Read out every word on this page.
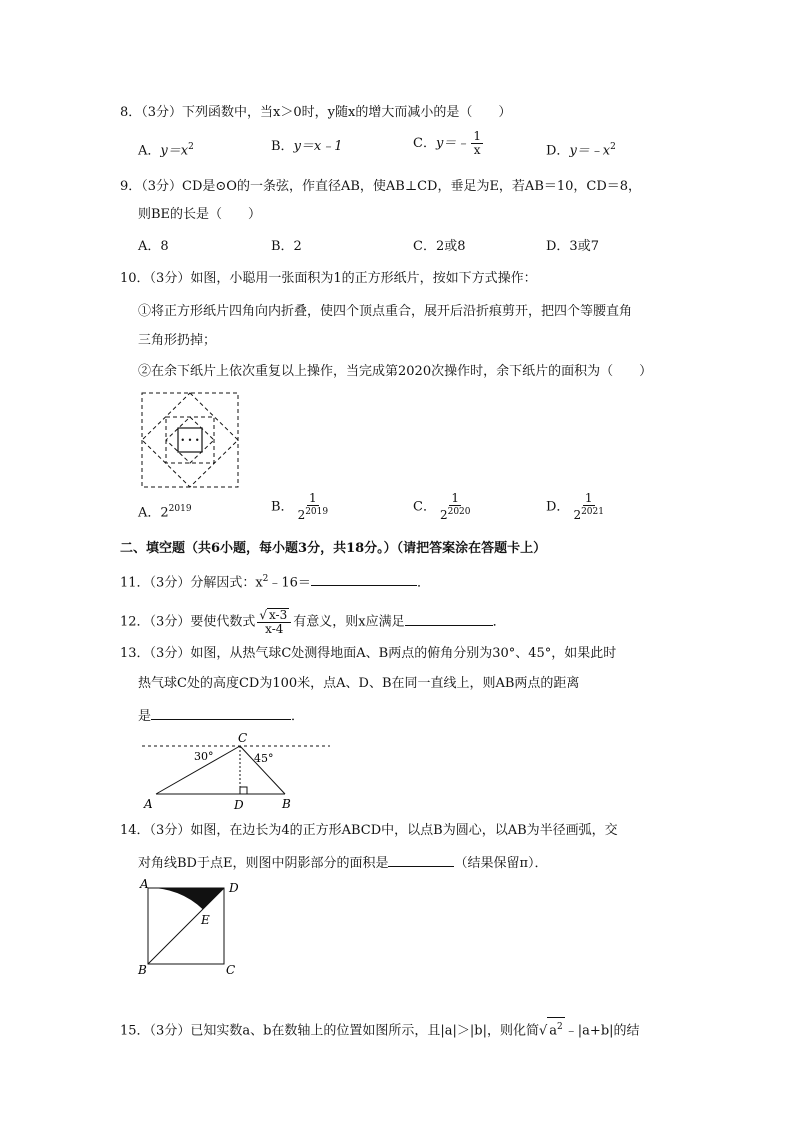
8．（3分）下列函数中，当x＞0时，y随x的增大而减小的是（　　）
A．$y=x^2$	B．y＝x﹣1	C．y＝﹣ $\frac{1}{x}$	D．$y=﹣x^2$
9．（3分）CD是⊙O的一条弦，作直径AB，使AB⊥CD，垂足为E，若AB＝10，CD＝8，
则BE的长是（　　）
A．8	B．2	C．2或8	D．3或7
10．（3分）如图，小聪用一张面积为1的正方形纸片，按如下方式操作：
①将正方形纸片四角向内折叠，使四个顶点重合，展开后沿折痕剪开，把四个等腰直角
三角形扔掉；
②在余下纸片上依次重复以上操作，当完成第2020次操作时，余下纸片的面积为（　　）
• • •
A．$2^{2019}$	B． $\frac{1}{2^{2019}}$	C． $\frac{1}{2^{2020}}$	D． $\frac{1}{2^{2021}}$
二、填空题（共6小题，每小题3分，共18分。）（请把答案涂在答题卡上）
11．（3分）分解因式：$x^2﹣16=$	．
12．（3分）要使代数式 $\frac{√ x-3}{x-4}$ 有意义，则x应满足	．
13．（3分）如图，从热气球C处测得地面A、B两点的俯角分别为30°、45°，如果此时
热气球C处的高度CD为100米，点A、D、B在同一直线上，则AB两点的距离
是	．
C
A	D	B
30°	45°
14．（3分）如图，在边长为4的正方形ABCD中，以点B为圆心，以AB为半径画弧，交
对角线BD于点E，则图中阴影部分的面积是	（结果保留π）．
A	D
E
B	C
15．（3分）已知实数a、b在数轴上的位置如图所示，且|a|＞|b|，则化简√ $a^2$ ﹣|a+b|的结
